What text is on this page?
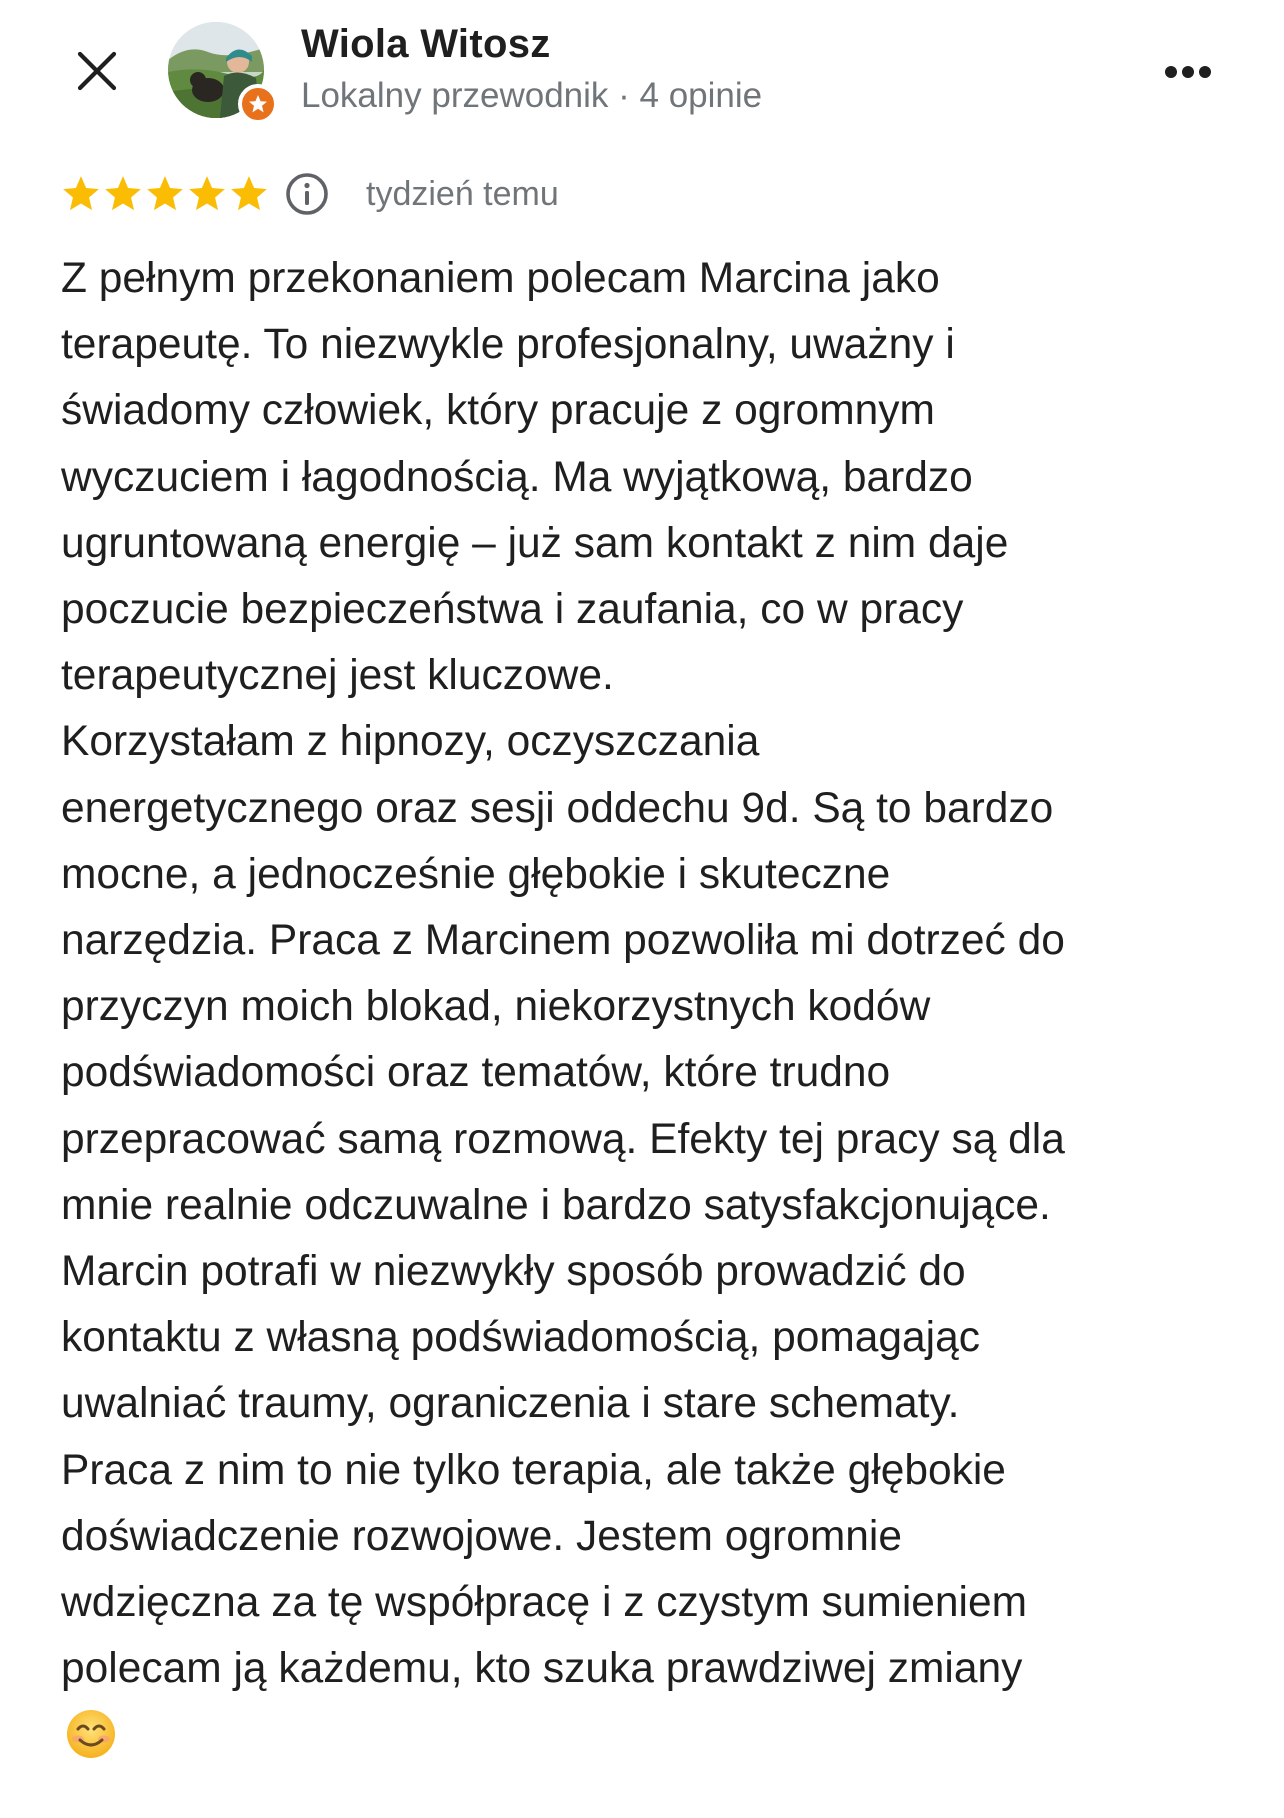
Wiola Witosz
Lokalny przewodnik · 4 opinie
tydzień temu
Z pełnym przekonaniem polecam Marcina jako
terapeutę. To niezwykle profesjonalny, uważny i
świadomy człowiek, który pracuje z ogromnym
wyczuciem i łagodnością. Ma wyjątkową, bardzo
ugruntowaną energię – już sam kontakt z nim daje
poczucie bezpieczeństwa i zaufania, co w pracy
terapeutycznej jest kluczowe.
Korzystałam z hipnozy, oczyszczania
energetycznego oraz sesji oddechu 9d. Są to bardzo
mocne, a jednocześnie głębokie i skuteczne
narzędzia. Praca z Marcinem pozwoliła mi dotrzeć do
przyczyn moich blokad, niekorzystnych kodów
podświadomości oraz tematów, które trudno
przepracować samą rozmową. Efekty tej pracy są dla
mnie realnie odczuwalne i bardzo satysfakcjonujące.
Marcin potrafi w niezwykły sposób prowadzić do
kontaktu z własną podświadomością, pomagając
uwalniać traumy, ograniczenia i stare schematy.
Praca z nim to nie tylko terapia, ale także głębokie
doświadczenie rozwojowe. Jestem ogromnie
wdzięczna za tę współpracę i z czystym sumieniem
polecam ją każdemu, kto szuka prawdziwej zmiany
